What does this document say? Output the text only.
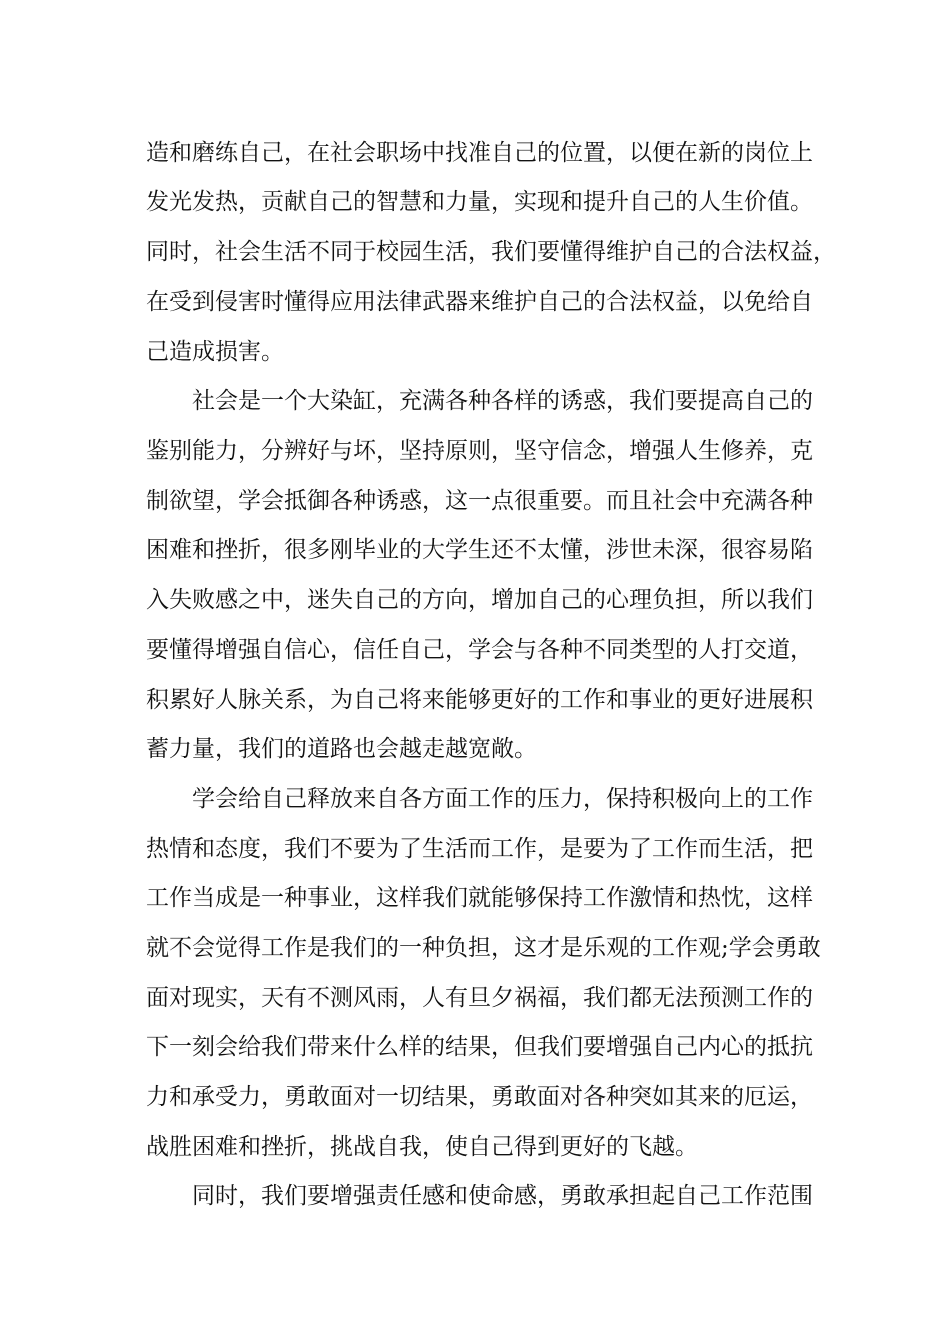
造和磨练自己，在社会职场中找准自己的位置，以便在新的岗位上
发光发热，贡献自己的智慧和力量，实现和提升自己的人生价值。
同时，社会生活不同于校园生活，我们要懂得维护自己的合法权益，
在受到侵害时懂得应用法律武器来维护自己的合法权益，以免给自
己造成损害。
社会是一个大染缸，充满各种各样的诱惑，我们要提高自己的
鉴别能力，分辨好与坏，坚持原则，坚守信念，增强人生修养，克
制欲望，学会抵御各种诱惑，这一点很重要。而且社会中充满各种
困难和挫折，很多刚毕业的大学生还不太懂，涉世未深，很容易陷
入失败感之中，迷失自己的方向，增加自己的心理负担，所以我们
要懂得增强自信心，信任自己，学会与各种不同类型的人打交道，
积累好人脉关系，为自己将来能够更好的工作和事业的更好进展积
蓄力量，我们的道路也会越走越宽敞。
学会给自己释放来自各方面工作的压力，保持积极向上的工作
热情和态度，我们不要为了生活而工作，是要为了工作而生活，把
工作当成是一种事业，这样我们就能够保持工作激情和热忱，这样
就不会觉得工作是我们的一种负担，这才是乐观的工作观;学会勇敢
面对现实，天有不测风雨，人有旦夕祸福，我们都无法预测工作的
下一刻会给我们带来什么样的结果，但我们要增强自己内心的抵抗
力和承受力，勇敢面对一切结果，勇敢面对各种突如其来的厄运，
战胜困难和挫折，挑战自我，使自己得到更好的飞越。
同时，我们要增强责任感和使命感，勇敢承担起自己工作范围
